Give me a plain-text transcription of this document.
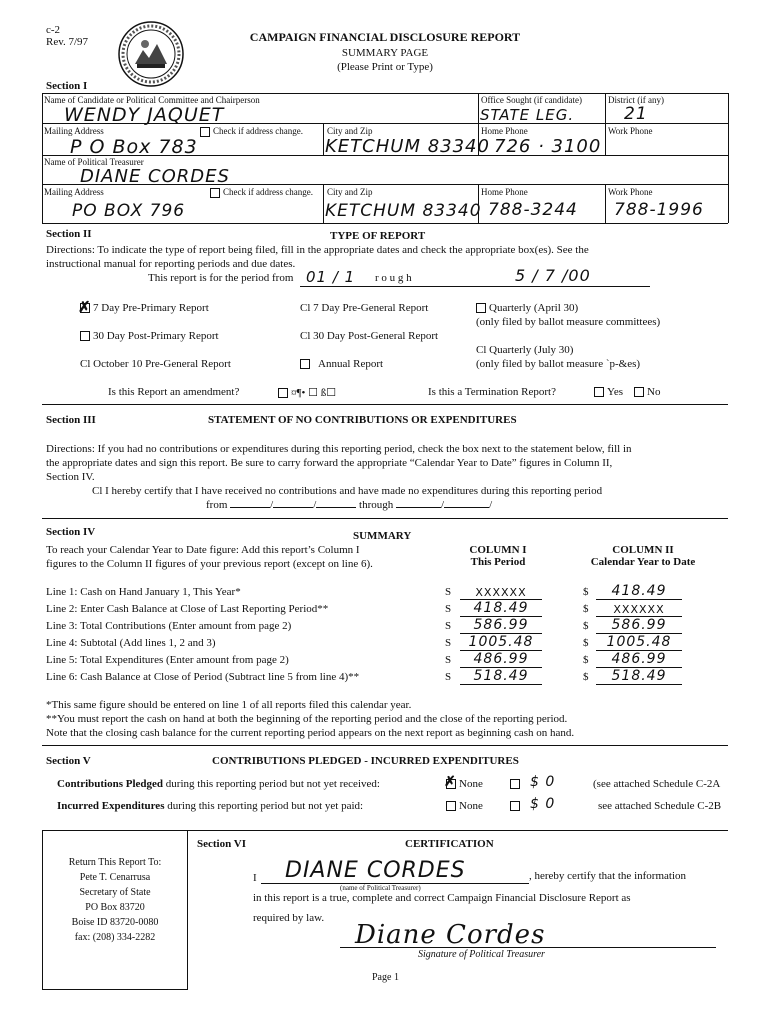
c-2
Rev. 7/97	CAMPAIGN FINANCIAL DISCLOSURE REPORT
SUMMARY PAGE
(Please Print or Type)
Section I
Name of Candidate or Political Committee and Chairperson
WENDY JAQUET
Office Sought (if candidate)
STATE LEG.
District (if any)
21
Mailing Address	Check if address change.
P O Box 783
City and Zip
KETCHUM 83340
Home Phone
726 · 3100
Work Phone
Name of Political Treasurer
DIANE CORDES
Mailing Address	Check if address change.
PO BOX 796
City and Zip
KETCHUM 83340
Home Phone
788-3244
Work Phone
788-1996
Section II	TYPE OF REPORT
Directions: To indicate the type of report being filed, fill in the appropriate dates and check the appropriate box(es). See the
instructional manual for reporting periods and due dates.
This report is for the period from 01 / 1 r o u g h	5 / 7 /00
✗ 7 Day Pre-Primary Report	Cl 7 Day Pre-General Report	Quarterly (April 30)
(only filed by ballot measure committees)
30 Day Post-Primary Report	Cl 30 Day Post-General Report
Cl October 10 Pre-General Report	Annual Report
Cl Quarterly (July 30)
(only filed by ballot measure `p-&es)
Is this Report an amendment?	¤¶• ☐ ß☐	Is this a Termination Report?	Yes	No
Section III	STATEMENT OF NO CONTRIBUTIONS OR EXPENDITURES
Directions: If you had no contributions or expenditures during this reporting period, check the box next to the statement below, fill in
the appropriate dates and sign this report. Be sure to carry forward the appropriate “Calendar Year to Date” figures in Column II,
Section IV.
Cl I hereby certify that I have received no contributions and have made no expenditures during this reporting period
from	/	/	through	/	/
Section IV	SUMMARY
To reach your Calendar Year to Date figure: Add this report’s Column I
figures to the Column II figures of your previous report (except on line 6).
COLUMN I
This Period
COLUMN II
Calendar Year to Date
Line 1: Cash on Hand January 1, This Year*	S	XXXXXX	$	418.49
Line 2: Enter Cash Balance at Close of Last Reporting Period**	S	418.49	$	XXXXXX
Line 3: Total Contributions (Enter amount from page 2)	S	586.99	$	586.99
Line 4: Subtotal (Add lines 1, 2 and 3)	S	1005.48	$	1005.48
Line 5: Total Expenditures (Enter amount from page 2)	S	486.99	$	486.99
Line 6: Cash Balance at Close of Period (Subtract line 5 from line 4)**	S	518.49	$	518.49
*This same figure should be entered on line 1 of all reports filed this calendar year.
**You must report the cash on hand at both the beginning of the reporting period and the close of the reporting period.
Note that the closing cash balance for the current reporting period appears on the next report as beginning cash on hand.
Section V	CONTRIBUTIONS PLEDGED - INCURRED EXPENDITURES
Contributions Pledged during this reporting period but not yet received:	✗ None	$ 0	(see attached Schedule C-2A
Incurred Expenditures during this reporting period but not yet paid:	None	$ 0	see attached Schedule C-2B
Return This Report To:
Pete T. Cenarrusa
Secretary of State
PO Box 83720
Boise ID 83720-0080
fax: (208) 334-2282
Section VI	CERTIFICATION
I DIANE CORDES	, hereby certify that the information
(name of Political Treasurer)
in this report is a true, complete and correct Campaign Financial Disclosure Report as
required by law.
Diane Cordes
Signature of Political Treasurer
Page 1
